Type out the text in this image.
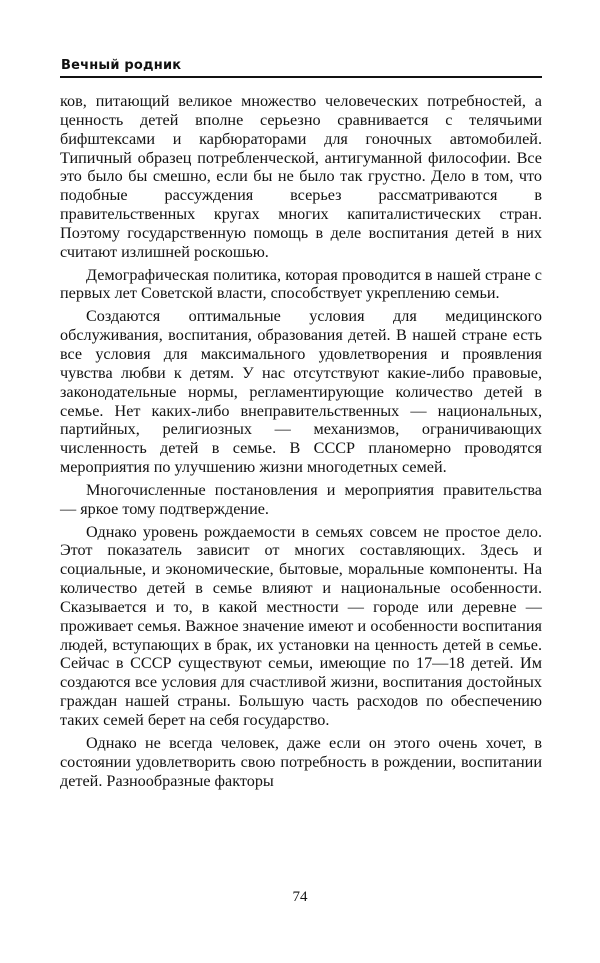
Вечный родник

ков, питающий великое множество человеческих потребностей, а ценность детей вполне серьезно сравнивается с телячьими бифштексами и карбюраторами для гоночных автомобилей. Типичный образец потребленческой, антигуманной философии. Все это было бы смешно, если бы не было так грустно. Дело в том, что подобные рассуждения всерьез рассматриваются в правительственных кругах многих капиталистических стран. Поэтому государственную помощь в деле воспитания детей в них считают излишней роскошью.

Демографическая политика, которая проводится в нашей стране с первых лет Советской власти, способствует укреплению семьи.

Создаются оптимальные условия для медицинского обслуживания, воспитания, образования детей. В нашей стране есть все условия для максимального удовлетворения и проявления чувства любви к детям. У нас отсутствуют какие-либо правовые, законодательные нормы, регламентирующие количество детей в семье. Нет каких-либо внеправительственных — национальных, партийных, религиозных — механизмов, ограничивающих численность детей в семье. В СССР планомерно проводятся мероприятия по улучшению жизни многодетных семей.

Многочисленные постановления и мероприятия правительства — яркое тому подтверждение.

Однако уровень рождаемости в семьях совсем не простое дело. Этот показатель зависит от многих составляющих. Здесь и социальные, и экономические, бытовые, моральные компоненты. На количество детей в семье влияют и национальные особенности. Сказывается и то, в какой местности — городе или деревне — проживает семья. Важное значение имеют и особенности воспитания людей, вступающих в брак, их установки на ценность детей в семье. Сейчас в СССР существуют семьи, имеющие по 17—18 детей. Им создаются все условия для счастливой жизни, воспитания достойных граждан нашей страны. Большую часть расходов по обеспечению таких семей берет на себя государство.

Однако не всегда человек, даже если он этого очень хочет, в состоянии удовлетворить свою потребность в рождении, воспитании детей. Разнообразные факторы

74
